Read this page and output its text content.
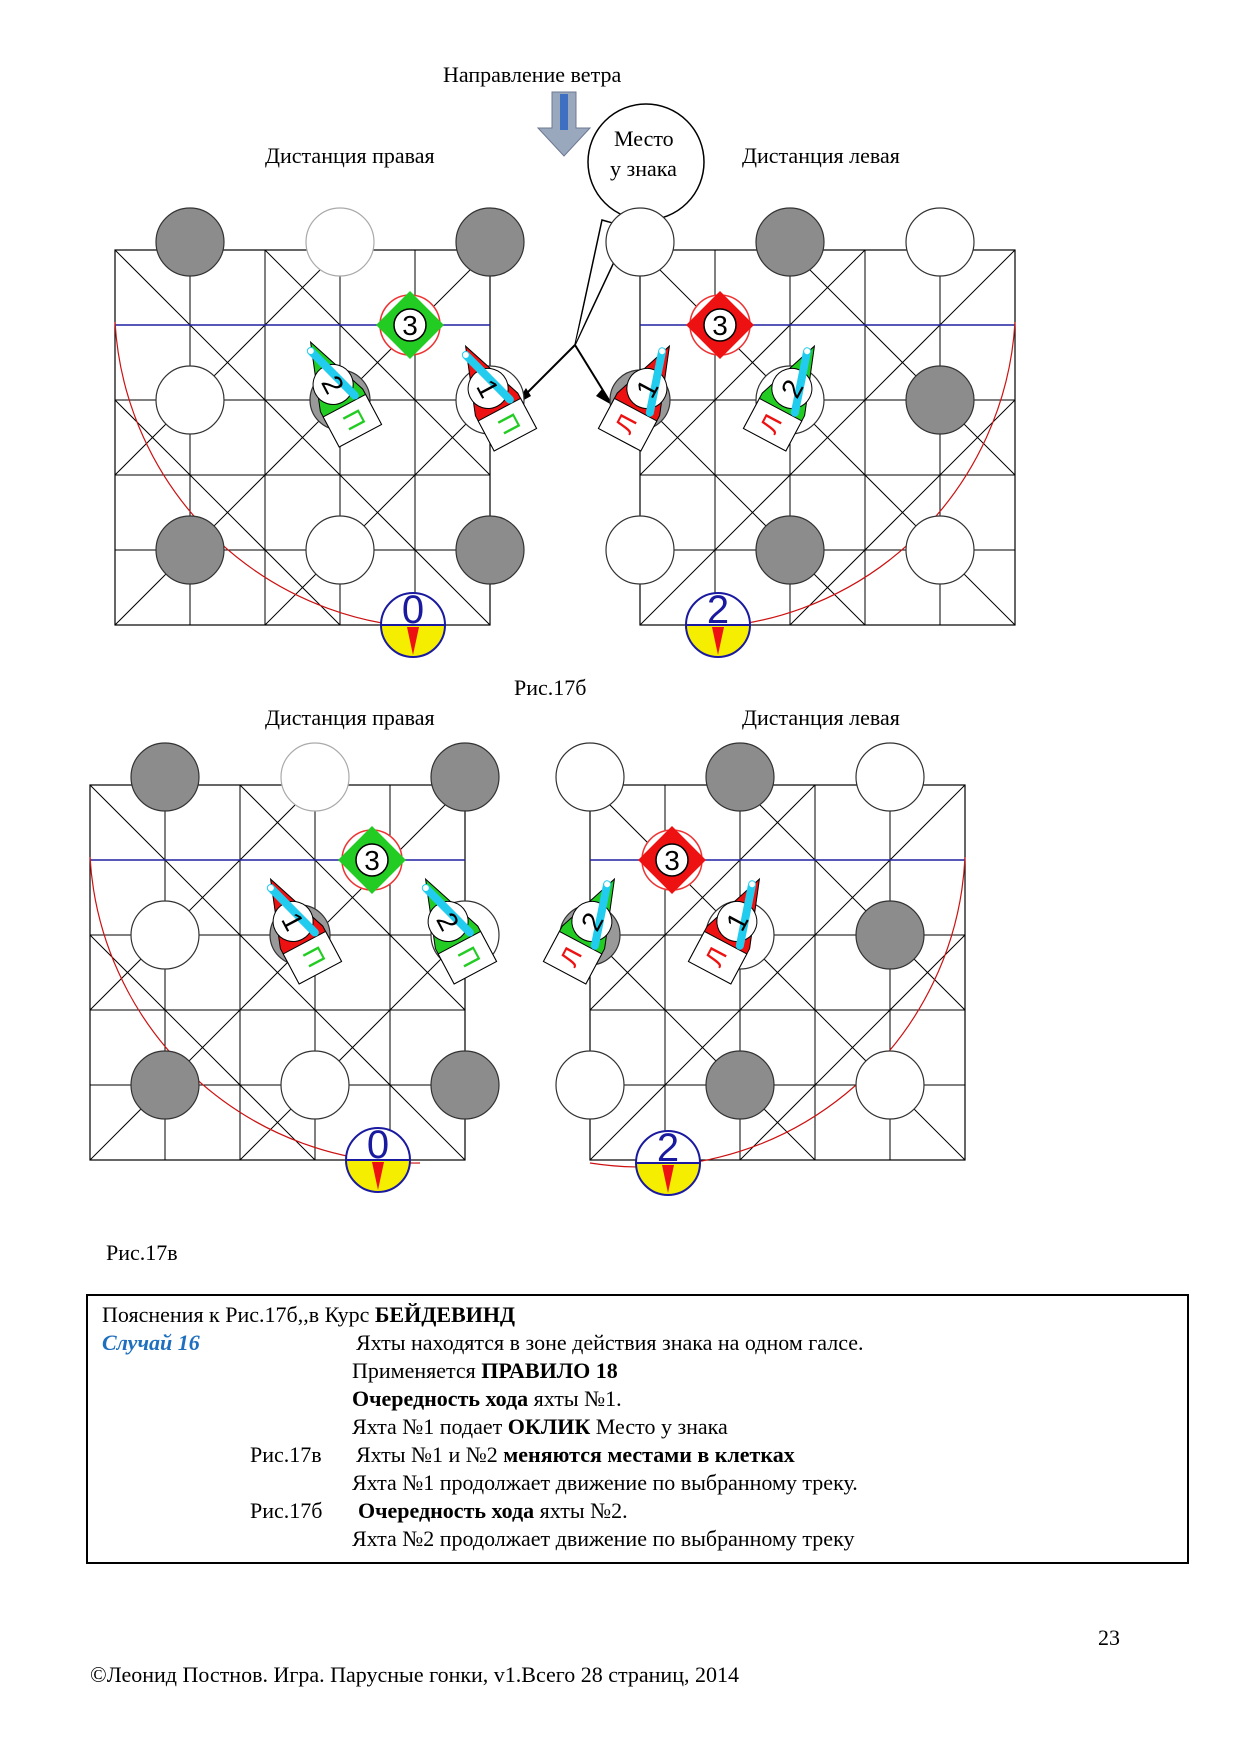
3
0
2
П
1
П
3
2
1
Л
2
Л
3
0
1
П
2
П
3
2
2
Л
1
Л
Направление ветра
Место
у знака
Дистанция правая	Дистанция левая
Рис.17б
Дистанция правая	Дистанция левая
Рис.17в
Пояснения к Рис.17б,,в Курс БЕЙДЕВИНД
Случай 16	Яхты находятся в зоне действия знака на одном галсе.
Применяется ПРАВИЛО 18
Очередность хода яхты №1.
Яхта №1 подает ОКЛИК Место у знака
Рис.17в Яхты №1 и №2 меняются местами в клетках
Яхта №1 продолжает движение по выбранному треку.
Рис.17б Очередность хода яхты №2.
Яхта №2 продолжает движение по выбранному треку
23
©Леонид Постнов. Игра. Парусные гонки, v1.Всего 28 страниц, 2014
